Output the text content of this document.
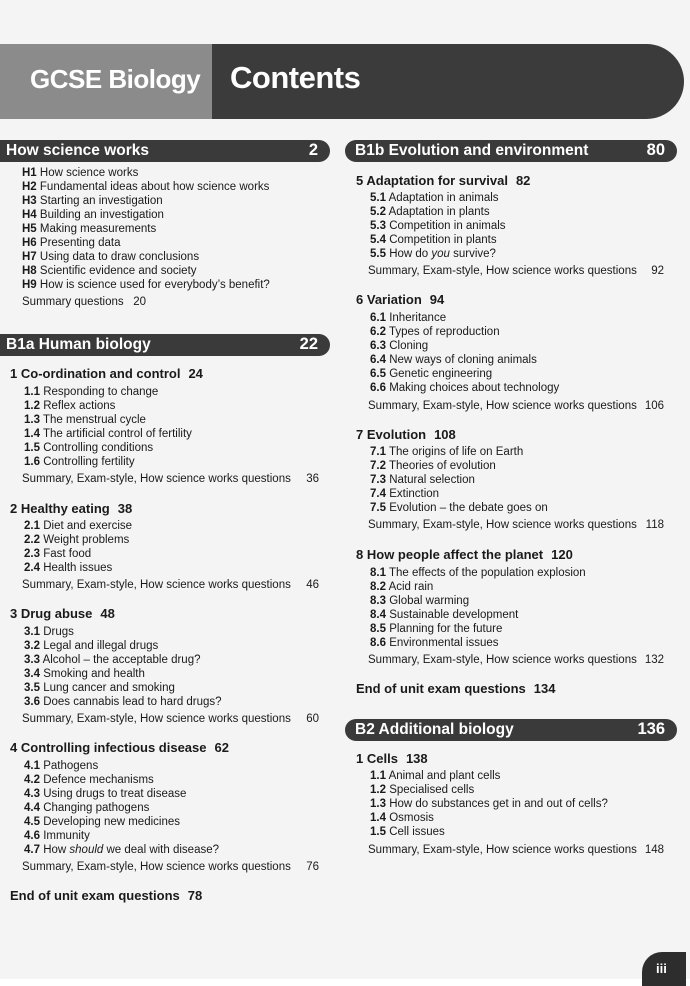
GCSE Biology Contents
How science works	2
H1 How science works
H2 Fundamental ideas about how science works
H3 Starting an investigation
H4 Building an investigation
H5 Making measurements
H6 Presenting data
H7 Using data to draw conclusions
H8 Scientific evidence and society
H9 How is science used for everybody’s benefit?
Summary questions 20
B1a Human biology	22
B1b Evolution and environment	80
B2 Additional biology	136
1 Co-ordination and control 24
1.1 Responding to change
1.2 Reflex actions
1.3 The menstrual cycle
1.4 The artificial control of fertility
1.5 Controlling conditions
1.6 Controlling fertility
Summary, Exam-style, How science works questions 36
2 Healthy eating 38
2.1 Diet and exercise
2.2 Weight problems
2.3 Fast food
2.4 Health issues
Summary, Exam-style, How science works questions 46
3 Drug abuse 48
3.1 Drugs
3.2 Legal and illegal drugs
3.3 Alcohol – the acceptable drug?
3.4 Smoking and health
3.5 Lung cancer and smoking
3.6 Does cannabis lead to hard drugs?
Summary, Exam-style, How science works questions 60
4 Controlling infectious disease 62
4.1 Pathogens
4.2 Defence mechanisms
4.3 Using drugs to treat disease
4.4 Changing pathogens
4.5 Developing new medicines
4.6 Immunity
4.7 How should we deal with disease?
Summary, Exam-style, How science works questions 76
5 Adaptation for survival 82
5.1 Adaptation in animals
5.2 Adaptation in plants
5.3 Competition in animals
5.4 Competition in plants
5.5 How do you survive?
Summary, Exam-style, How science works questions 92
6 Variation 94
6.1 Inheritance
6.2 Types of reproduction
6.3 Cloning
6.4 New ways of cloning animals
6.5 Genetic engineering
6.6 Making choices about technology
Summary, Exam-style, How science works questions 106
7 Evolution 108
7.1 The origins of life on Earth
7.2 Theories of evolution
7.3 Natural selection
7.4 Extinction
7.5 Evolution – the debate goes on
Summary, Exam-style, How science works questions 118
8 How people affect the planet 120
8.1 The effects of the population explosion
8.2 Acid rain
8.3 Global warming
8.4 Sustainable development
8.5 Planning for the future
8.6 Environmental issues
Summary, Exam-style, How science works questions 132
1 Cells 138
1.1 Animal and plant cells
1.2 Specialised cells
1.3 How do substances get in and out of cells?
1.4 Osmosis
1.5 Cell issues
Summary, Exam-style, How science works questions 148
End of unit exam questions 78
End of unit exam questions 134
iii
